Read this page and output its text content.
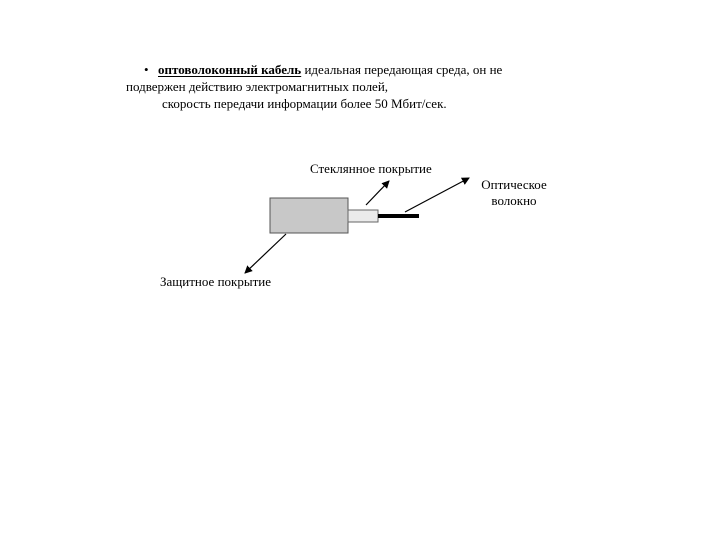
• оптоволоконный кабель идеальная передающая среда, он не
подвержен действию электромагнитных полей,
скорость передачи информации более 50 Мбит/сек.
Стеклянное покрытие
Оптическое волокно
Защитное покрытие
